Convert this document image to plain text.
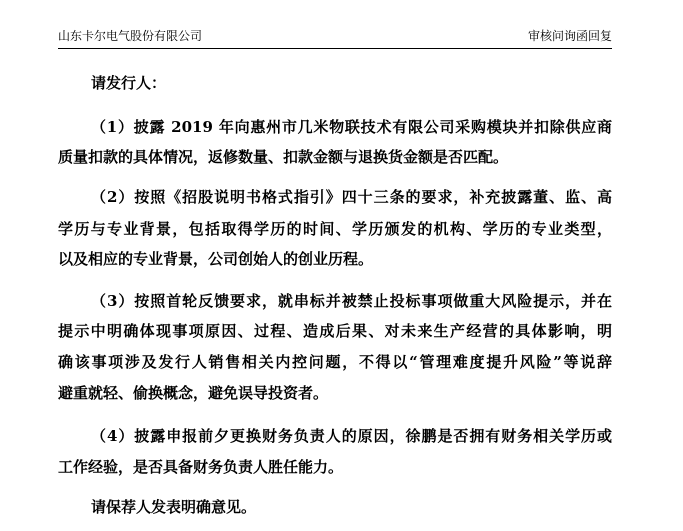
山东卡尔电气股份有限公司	审核问询函回复
请发行人：
（1）披露 2019 年向惠州市几米物联技术有限公司采购模块并扣除供应商
质量扣款的具体情况，返修数量、扣款金额与退换货金额是否匹配。
（2）按照《招股说明书格式指引》四十三条的要求，补充披露董、监、高
学历与专业背景，包括取得学历的时间、学历颁发的机构、学历的专业类型，
以及相应的专业背景，公司创始人的创业历程。
（3）按照首轮反馈要求，就串标并被禁止投标事项做重大风险提示，并在
提示中明确体现事项原因、过程、造成后果、对未来生产经营的具体影响，明
确该事项涉及发行人销售相关内控问题，不得以“管理难度提升风险”等说辞
避重就轻、偷换概念，避免误导投资者。
（4）披露申报前夕更换财务负责人的原因，徐鹏是否拥有财务相关学历或
工作经验，是否具备财务负责人胜任能力。
请保荐人发表明确意见。
